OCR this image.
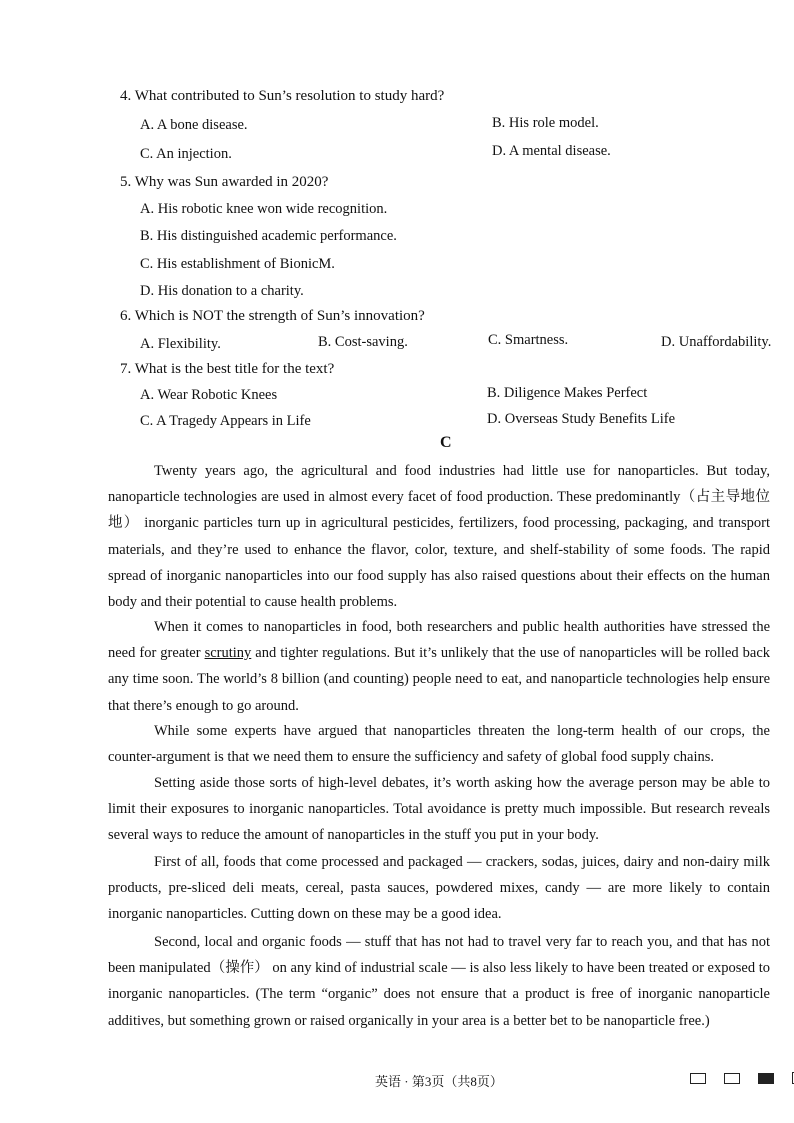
4. What contributed to Sun’s resolution to study hard?
A. A bone disease.	B. His role model.
C. An injection.	D. A mental disease.
5. Why was Sun awarded in 2020?
A. His robotic knee won wide recognition.
B. His distinguished academic performance.
C. His establishment of BionicM.
D. His donation to a charity.
6. Which is NOT the strength of Sun’s innovation?
A. Flexibility.	B. Cost-saving.	C. Smartness.	D. Unaffordability.
7. What is the best title for the text?
A. Wear Robotic Knees	B. Diligence Makes Perfect
C. A Tragedy Appears in Life	D. Overseas Study Benefits Life
C

Twenty years ago, the agricultural and food industries had little use for nanoparticles. But today, nanoparticle technologies are used in almost every facet of food production. These predominantly（占主导地位地） inorganic particles turn up in agricultural pesticides, fertilizers, food processing, packaging, and transport materials, and they’re used to enhance the flavor, color, texture, and shelf-stability of some foods. The rapid spread of inorganic nanoparticles into our food supply has also raised questions about their effects on the human body and their potential to cause health problems.

When it comes to nanoparticles in food, both researchers and public health authorities have stressed the need for greater scrutiny and tighter regulations. But it’s unlikely that the use of nanoparticles will be rolled back any time soon. The world’s 8 billion (and counting) people need to eat, and nanoparticle technologies help ensure that there’s enough to go around.

While some experts have argued that nanoparticles threaten the long-term health of our crops, the counter-argument is that we need them to ensure the sufficiency and safety of global food supply chains.

Setting aside those sorts of high-level debates, it’s worth asking how the average person may be able to limit their exposures to inorganic nanoparticles. Total avoidance is pretty much impossible. But research reveals several ways to reduce the amount of nanoparticles in the stuff you put in your body.

First of all, foods that come processed and packaged — crackers, sodas, juices, dairy and non-dairy milk products, pre-sliced deli meats, cereal, pasta sauces, powdered mixes, candy — are more likely to contain inorganic nanoparticles. Cutting down on these may be a good idea.

Second, local and organic foods — stuff that has not had to travel very far to reach you, and that has not been manipulated（操作） on any kind of industrial scale — is also less likely to have been treated or exposed to inorganic nanoparticles. (The term “organic” does not ensure that a product is free of inorganic nanoparticle additives, but something grown or raised organically in your area is a better bet to be nanoparticle free.)

英语 · 第3页（共8页）
